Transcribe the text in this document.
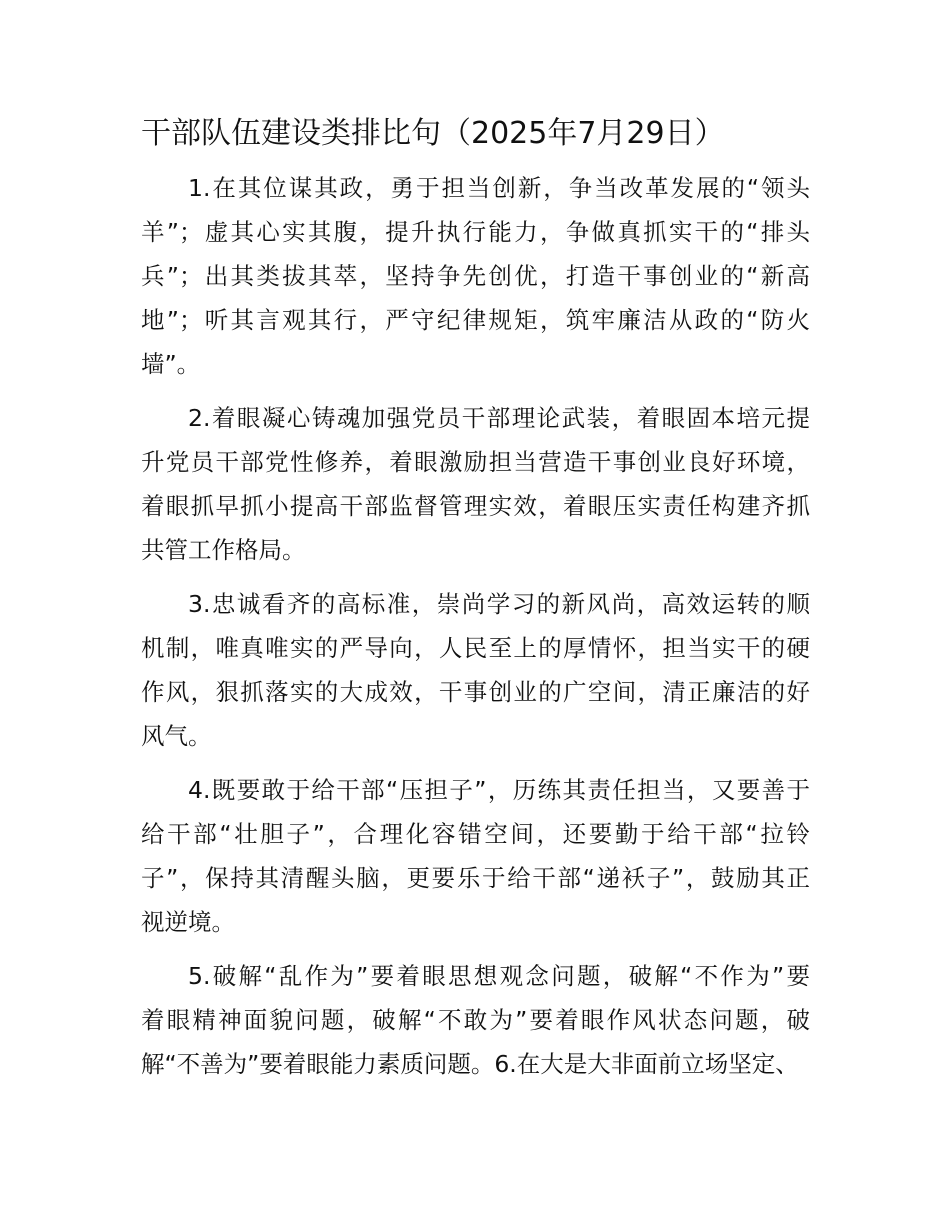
干部队伍建设类排比句（2025年7月29日）
1.在其位谋其政，勇于担当创新，争当改革发展的“领头
羊”；虚其心实其腹，提升执行能力，争做真抓实干的“排头
兵”；出其类拔其萃，坚持争先创优，打造干事创业的“新高
地”；听其言观其行，严守纪律规矩，筑牢廉洁从政的“防火
墙”。
2.着眼凝心铸魂加强党员干部理论武装，着眼固本培元提
升党员干部党性修养，着眼激励担当营造干事创业良好环境，
着眼抓早抓小提高干部监督管理实效，着眼压实责任构建齐抓
共管工作格局。
3.忠诚看齐的高标准，崇尚学习的新风尚，高效运转的顺
机制，唯真唯实的严导向，人民至上的厚情怀，担当实干的硬
作风，狠抓落实的大成效，干事创业的广空间，清正廉洁的好
风气。
4.既要敢于给干部“压担子”，历练其责任担当，又要善于
给干部“壮胆子”，合理化容错空间，还要勤于给干部“拉铃
子”，保持其清醒头脑，更要乐于给干部“递袄子”，鼓励其正
视逆境。
5.破解“乱作为”要着眼思想观念问题，破解“不作为”要
着眼精神面貌问题，破解“不敢为”要着眼作风状态问题，破
解“不善为”要着眼能力素质问题。6.在大是大非面前立场坚定、
